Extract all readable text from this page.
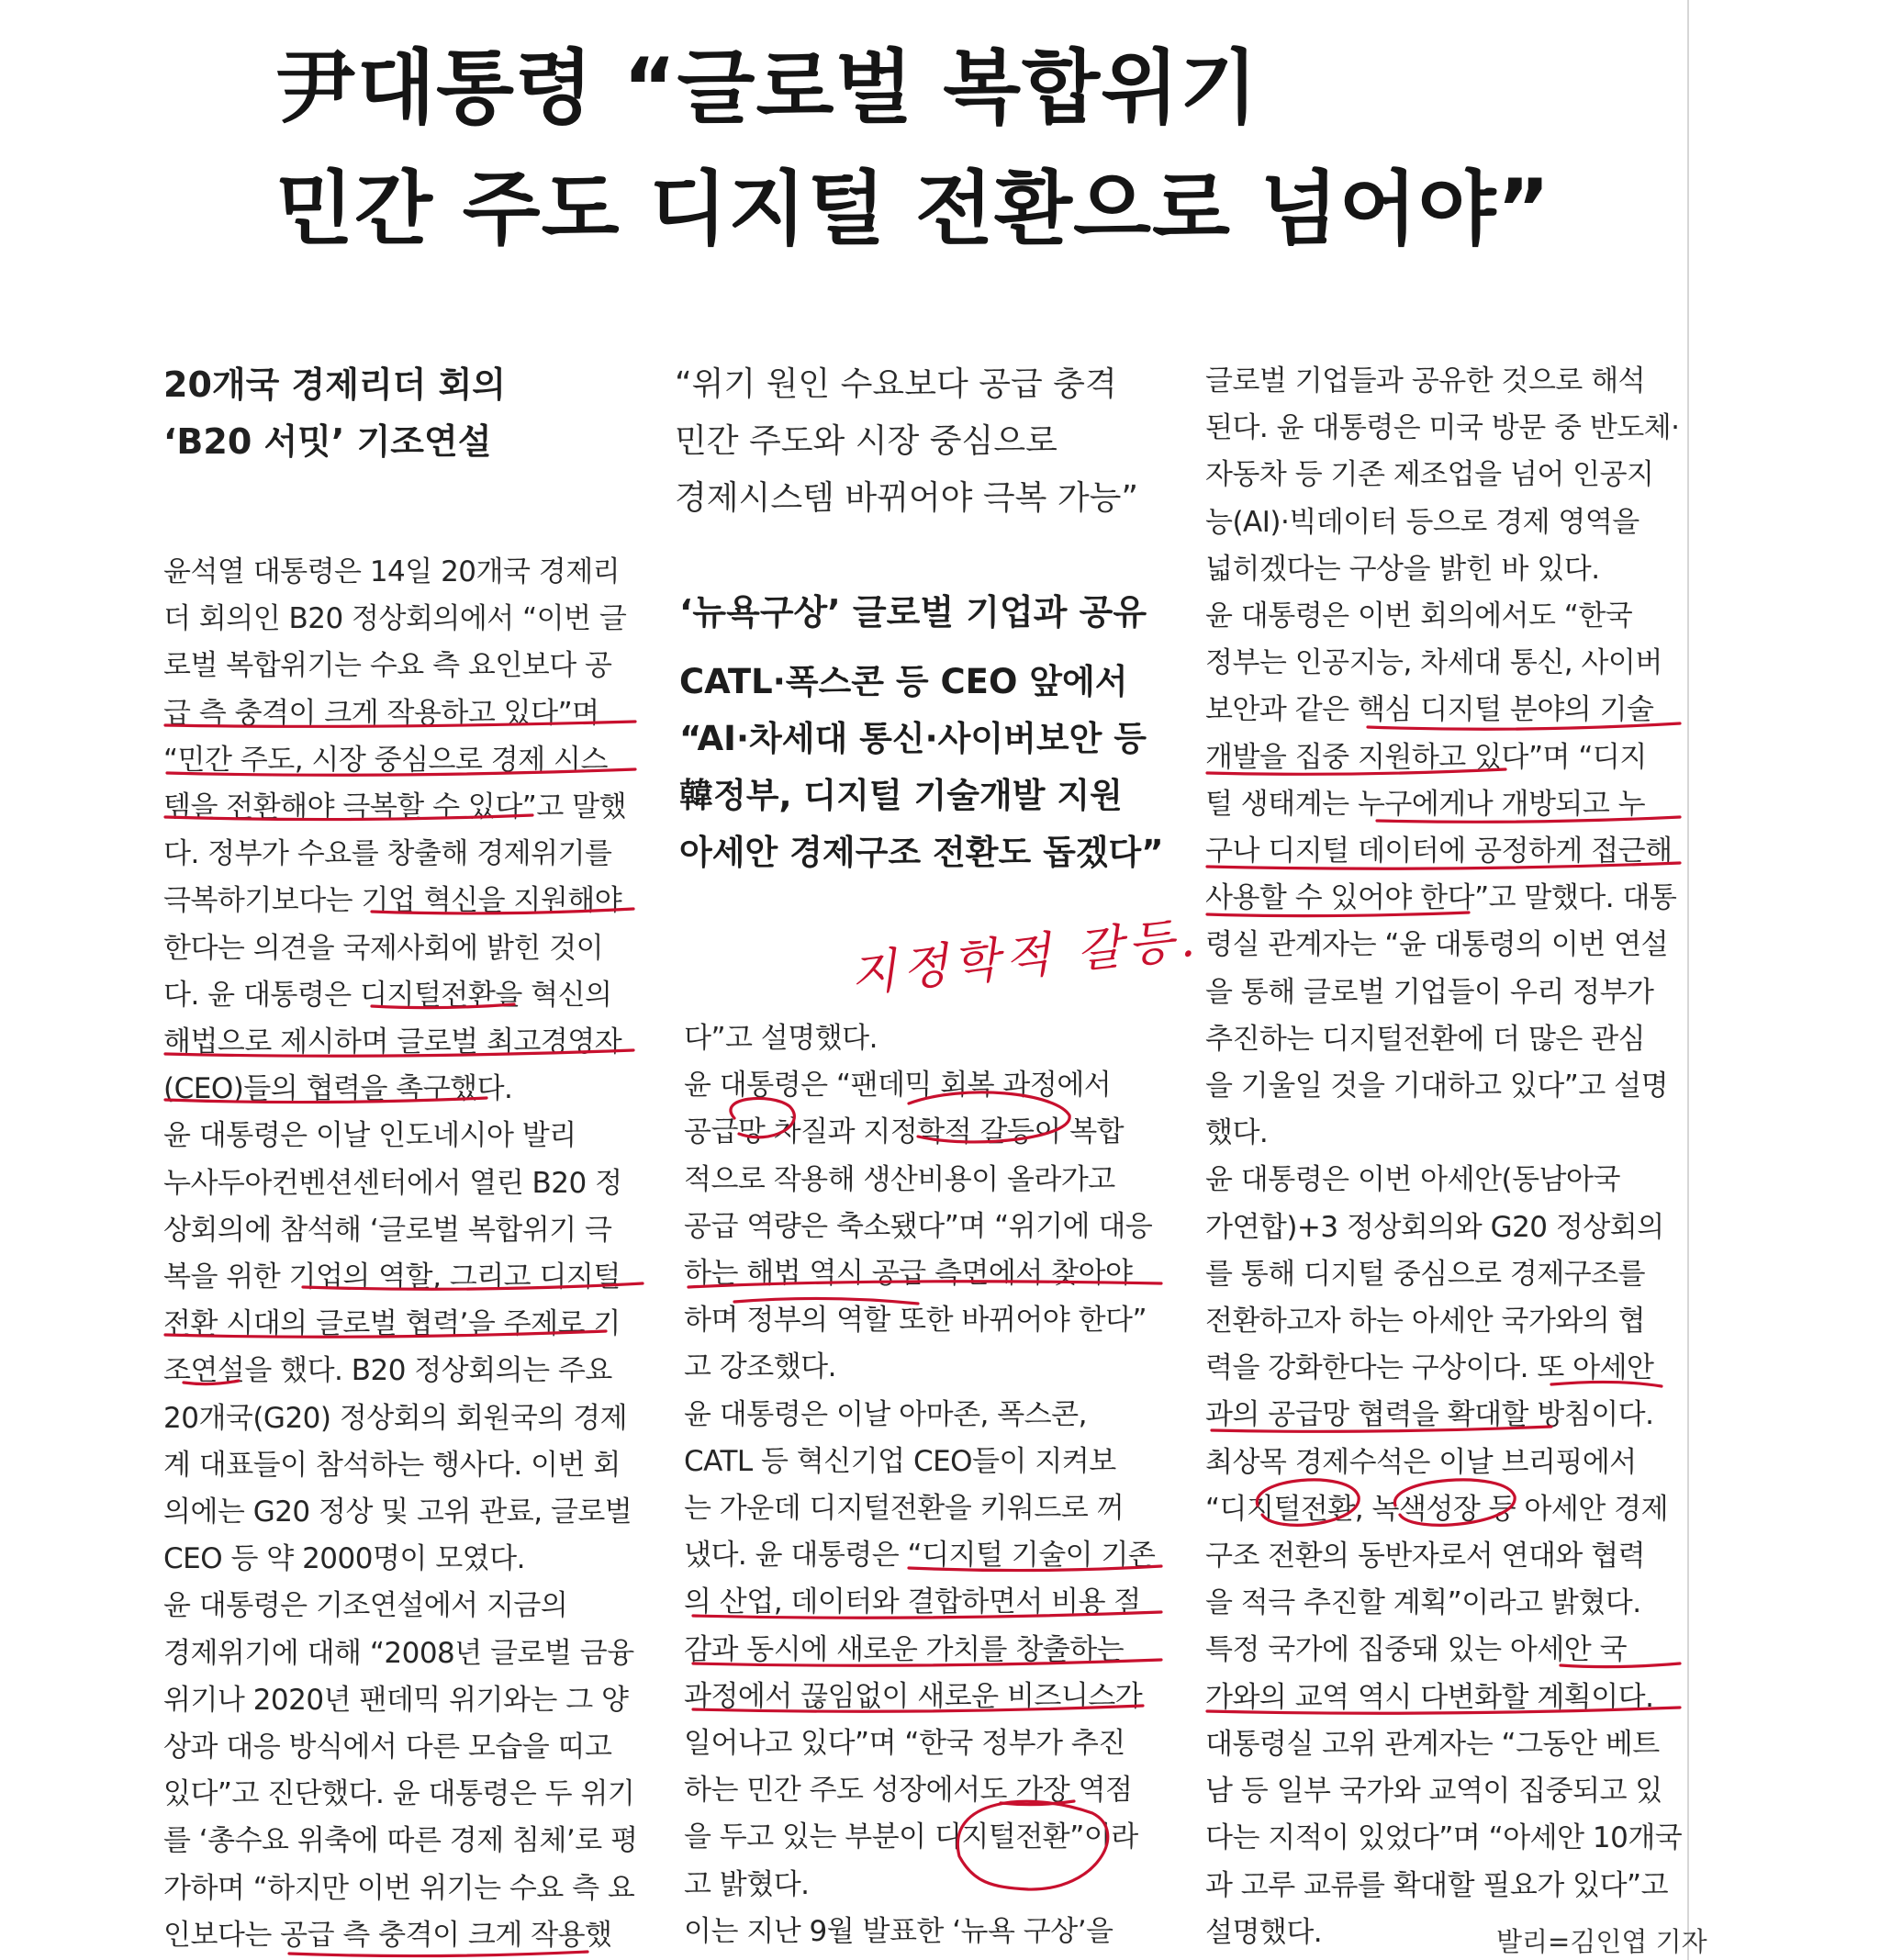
尹대통령 “글로벌 복합위기
민간 주도 디지털 전환으로 넘어야”
20개국 경제리더 회의
‘B20 서밋’ 기조연설
“위기 원인 수요보다 공급 충격
민간 주도와 시장 중심으로
경제시스템 바뀌어야 극복 가능”
‘뉴욕구상’ 글로벌 기업과 공유
CATL·폭스콘 등 CEO 앞에서
“AI·차세대 통신·사이버보안 등
韓정부, 디지털 기술개발 지원
아세안 경제구조 전환도 돕겠다”
지정학적 갈등.
윤석열 대통령은 14일 20개국 경제리
더 회의인 B20 정상회의에서 “이번 글
로벌 복합위기는 수요 측 요인보다 공
급 측 충격이 크게 작용하고 있다”며
“민간 주도, 시장 중심으로 경제 시스
템을 전환해야 극복할 수 있다”고 말했
다. 정부가 수요를 창출해 경제위기를
극복하기보다는 기업 혁신을 지원해야
한다는 의견을 국제사회에 밝힌 것이
다. 윤 대통령은 디지털전환을 혁신의
해법으로 제시하며 글로벌 최고경영자
(CEO)들의 협력을 촉구했다.
윤 대통령은 이날 인도네시아 발리
누사두아컨벤션센터에서 열린 B20 정
상회의에 참석해 ‘글로벌 복합위기 극
복을 위한 기업의 역할, 그리고 디지털
전환 시대의 글로벌 협력’을 주제로 기
조연설을 했다. B20 정상회의는 주요
20개국(G20) 정상회의 회원국의 경제
계 대표들이 참석하는 행사다. 이번 회
의에는 G20 정상 및 고위 관료, 글로벌
CEO 등 약 2000명이 모였다.
윤 대통령은 기조연설에서 지금의
경제위기에 대해 “2008년 글로벌 금융
위기나 2020년 팬데믹 위기와는 그 양
상과 대응 방식에서 다른 모습을 띠고
있다”고 진단했다. 윤 대통령은 두 위기
를 ‘총수요 위축에 따른 경제 침체’로 평
가하며 “하지만 이번 위기는 수요 측 요
인보다는 공급 측 충격이 크게 작용했
다”고 설명했다.
윤 대통령은 “팬데믹 회복 과정에서
공급망 차질과 지정학적 갈등이 복합
적으로 작용해 생산비용이 올라가고
공급 역량은 축소됐다”며 “위기에 대응
하는 해법 역시 공급 측면에서 찾아야
하며 정부의 역할 또한 바뀌어야 한다”
고 강조했다.
윤 대통령은 이날 아마존, 폭스콘,
CATL 등 혁신기업 CEO들이 지켜보
는 가운데 디지털전환을 키워드로 꺼
냈다. 윤 대통령은 “디지털 기술이 기존
의 산업, 데이터와 결합하면서 비용 절
감과 동시에 새로운 가치를 창출하는
과정에서 끊임없이 새로운 비즈니스가
일어나고 있다”며 “한국 정부가 추진
하는 민간 주도 성장에서도 가장 역점
을 두고 있는 부분이 디지털전환”이라
고 밝혔다.
이는 지난 9월 발표한 ‘뉴욕 구상’을
글로벌 기업들과 공유한 것으로 해석
된다. 윤 대통령은 미국 방문 중 반도체·
자동차 등 기존 제조업을 넘어 인공지
능(AI)·빅데이터 등으로 경제 영역을
넓히겠다는 구상을 밝힌 바 있다.
윤 대통령은 이번 회의에서도 “한국
정부는 인공지능, 차세대 통신, 사이버
보안과 같은 핵심 디지털 분야의 기술
개발을 집중 지원하고 있다”며 “디지
털 생태계는 누구에게나 개방되고 누
구나 디지털 데이터에 공정하게 접근해
사용할 수 있어야 한다”고 말했다. 대통
령실 관계자는 “윤 대통령의 이번 연설
을 통해 글로벌 기업들이 우리 정부가
추진하는 디지털전환에 더 많은 관심
을 기울일 것을 기대하고 있다”고 설명
했다.
윤 대통령은 이번 아세안(동남아국
가연합)+3 정상회의와 G20 정상회의
를 통해 디지털 중심으로 경제구조를
전환하고자 하는 아세안 국가와의 협
력을 강화한다는 구상이다. 또 아세안
과의 공급망 협력을 확대할 방침이다.
최상목 경제수석은 이날 브리핑에서
“디지털전환, 녹색성장 등 아세안 경제
구조 전환의 동반자로서 연대와 협력
을 적극 추진할 계획”이라고 밝혔다.
특정 국가에 집중돼 있는 아세안 국
가와의 교역 역시 다변화할 계획이다.
대통령실 고위 관계자는 “그동안 베트
남 등 일부 국가와 교역이 집중되고 있
다는 지적이 있었다”며 “아세안 10개국
과 고루 교류를 확대할 필요가 있다”고
설명했다.	발리=김인엽 기자
